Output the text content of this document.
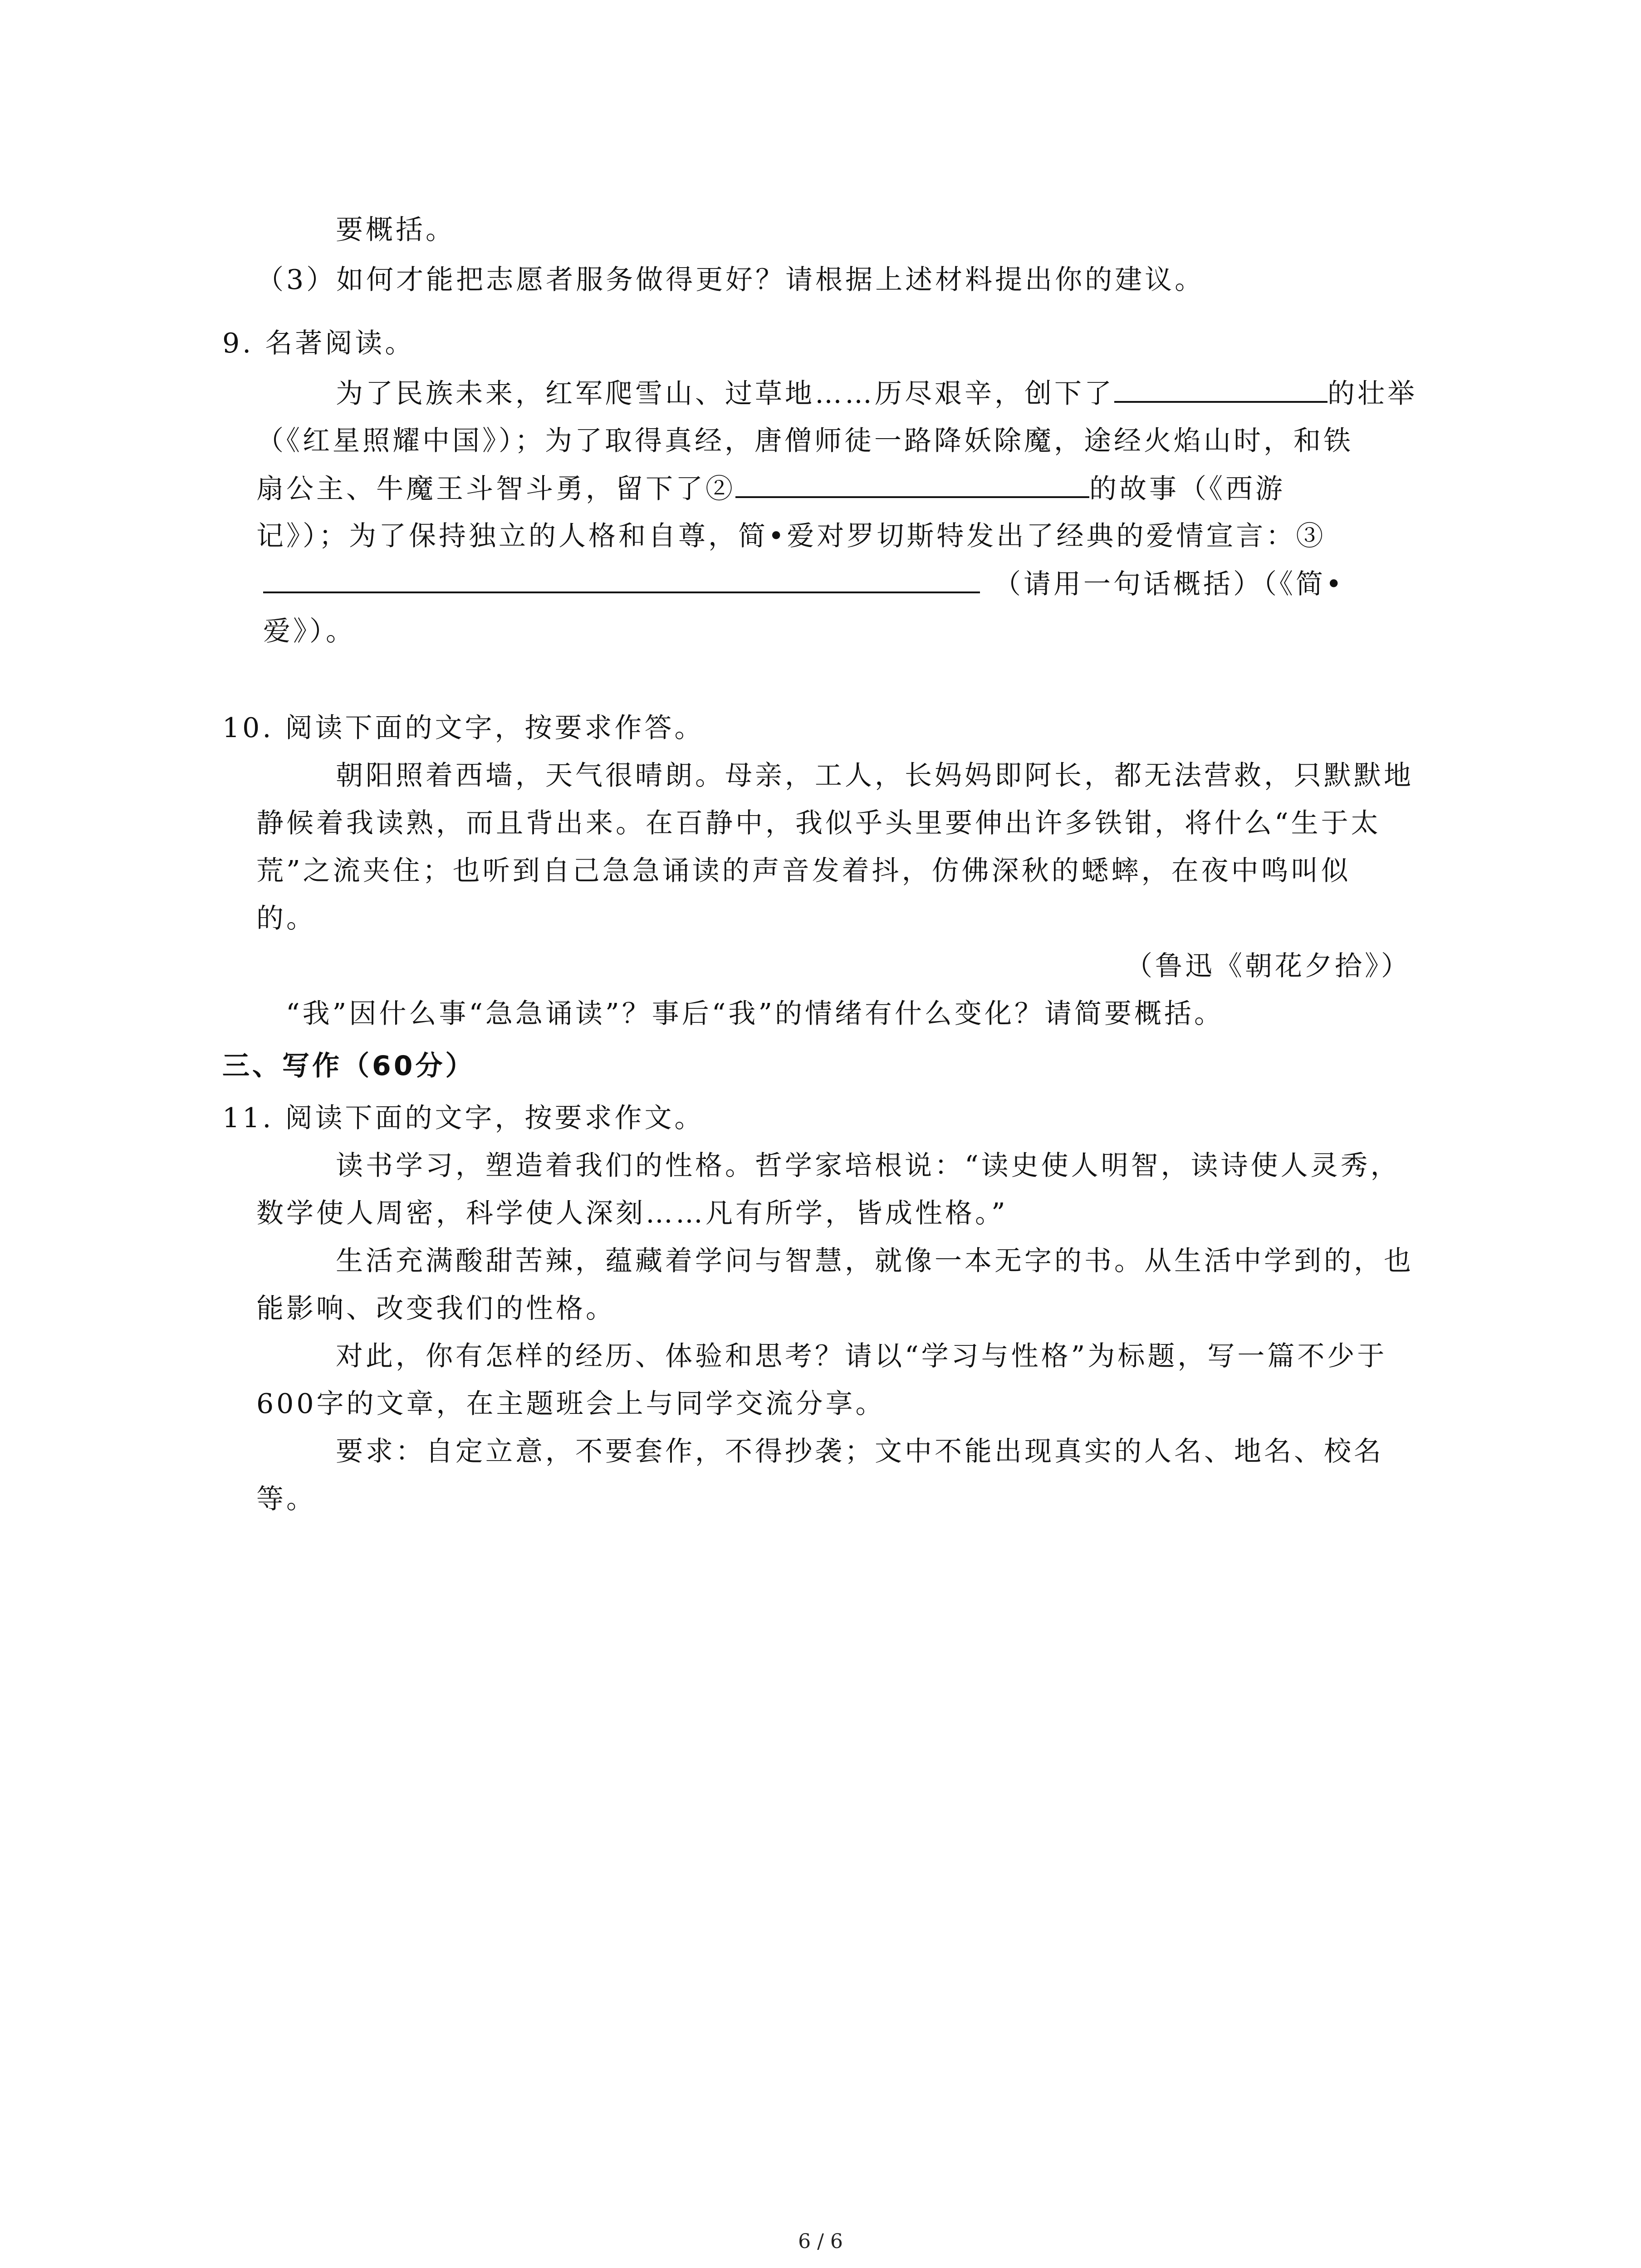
要概括。
（3）如何才能把志愿者服务做得更好？请根据上述材料提出你的建议。
9. 名著阅读。
为了民族未来，红军爬雪山、过草地……历尽艰辛，创下了	的壮举
（《红星照耀中国》）；为了取得真经，唐僧师徒一路降妖除魔，途经火焰山时，和铁
扇公主、牛魔王斗智斗勇，留下了②	的故事（《西游
记》）；为了保持独立的人格和自尊，简•爱对罗切斯特发出了经典的爱情宣言：③
（请用一句话概括）（《简•
爱》）。
10. 阅读下面的文字，按要求作答。
朝阳照着西墙，天气很晴朗。母亲，工人，长妈妈即阿长，都无法营救，只默默地
静候着我读熟，而且背出来。在百静中，我似乎头里要伸出许多铁钳，将什么“生于太
荒”之流夹住；也听到自己急急诵读的声音发着抖，仿佛深秋的蟋蟀，在夜中鸣叫似
的。
（鲁迅《朝花夕拾》）
“我”因什么事“急急诵读”？事后“我”的情绪有什么变化？请简要概括。
三、写作（60分）
11. 阅读下面的文字，按要求作文。
读书学习，塑造着我们的性格。哲学家培根说：“读史使人明智，读诗使人灵秀，
数学使人周密，科学使人深刻……凡有所学，皆成性格。”
生活充满酸甜苦辣，蕴藏着学问与智慧，就像一本无字的书。从生活中学到的，也
能影响、改变我们的性格。
对此，你有怎样的经历、体验和思考？请以“学习与性格”为标题，写一篇不少于
600字的文章，在主题班会上与同学交流分享。
要求：自定立意，不要套作，不得抄袭；文中不能出现真实的人名、地名、校名
等。
6 / 6
